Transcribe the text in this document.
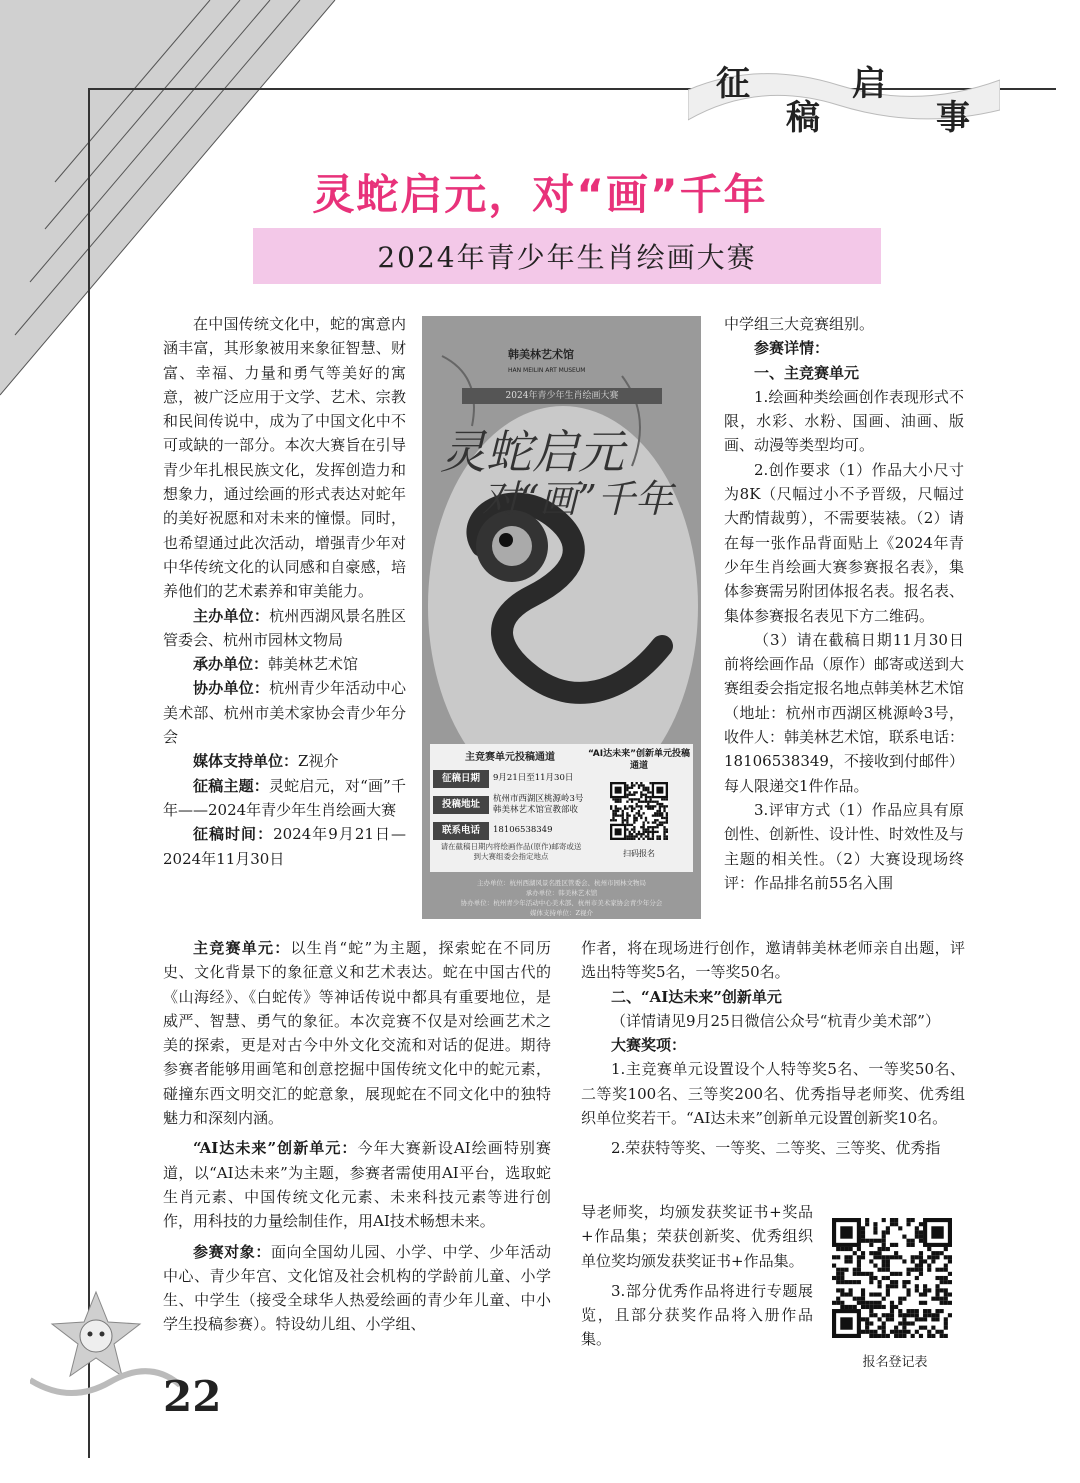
征
稿
启
事
灵蛇启元，对“画”千年
2024年青少年生肖绘画大赛

在中国传统文化中，蛇的寓意内涵丰富，其形象被用来象征智慧、财富、幸福、力量和勇气等美好的寓意，被广泛应用于文学、艺术、宗教和民间传说中，成为了中国文化中不可或缺的一部分。本次大赛旨在引导青少年扎根民族文化，发挥创造力和想象力，通过绘画的形式表达对蛇年的美好祝愿和对未来的憧憬。同时，也希望通过此次活动，增强青少年对中华传统文化的认同感和自豪感，培养他们的艺术素养和审美能力。

主办单位：杭州西湖风景名胜区管委会、杭州市园林文物局

承办单位：韩美林艺术馆

协办单位：杭州青少年活动中心美术部、杭州市美术家协会青少年分会

媒体支持单位：Z视介

征稿主题：灵蛇启元，对“画”千年——2024年青少年生肖绘画大赛

征稿时间：2024年9月21日—2024年11月30日

韩美林艺术馆
HAN MEILIN ART MUSEUM
2024年青少年生肖绘画大赛
灵蛇启元
对“画”千年
主竞赛单元投稿通道
征稿日期	9月21日至11月30日
投稿地址	杭州市西湖区桃源岭3号 韩美林艺术馆宣教部收
联系电话	18106538349
请在截稿日期内将绘画作品(原作)邮寄或送到大赛组委会指定地点
“AI达未来”创新单元投稿通道
扫码报名
主办单位：杭州西湖风景名胜区管委会、杭州市园林文物局
承办单位：韩美林艺术馆
协办单位：杭州青少年活动中心美术部、杭州市美术家协会青少年分会
媒体支持单位：Z视介

主竞赛单元：以生肖“蛇”为主题，探索蛇在不同历史、文化背景下的象征意义和艺术表达。蛇在中国古代的《山海经》、《白蛇传》等神话传说中都具有重要地位，是威严、智慧、勇气的象征。本次竞赛不仅是对绘画艺术之美的探索，更是对古今中外文化交流和对话的促进。期待参赛者能够用画笔和创意挖掘中国传统文化中的蛇元素，碰撞东西文明交汇的蛇意象，展现蛇在不同文化中的独特魅力和深刻内涵。

“AI达未来”创新单元：今年大赛新设AI绘画特别赛道，以“AI达未来”为主题，参赛者需使用AI平台，选取蛇生肖元素、中国传统文化元素、未来科技元素等进行创作，用科技的力量绘制佳作，用AI技术畅想未来。

参赛对象：面向全国幼儿园、小学、中学、少年活动中心、青少年宫、文化馆及社会机构的学龄前儿童、小学生、中学生（接受全球华人热爱绘画的青少年儿童、中小学生投稿参赛）。特设幼儿组、小学组、

中学组三大竞赛组别。

参赛详情：

一、主竞赛单元

1.绘画种类绘画创作表现形式不限，水彩、水粉、国画、油画、版画、动漫等类型均可。

2.创作要求（1）作品大小尺寸为8K（尺幅过小不予晋级，尺幅过大酌情裁剪），不需要装裱。（2）请在每一张作品背面贴上《2024年青少年生肖绘画大赛参赛报名表》，集体参赛需另附团体报名表。报名表、集体参赛报名表见下方二维码。

（3）请在截稿日期11月30日前将绘画作品（原作）邮寄或送到大赛组委会指定报名地点韩美林艺术馆（地址：杭州市西湖区桃源岭3号，收件人：韩美林艺术馆，联系电话：18106538349，不接收到付邮件）每人限递交1件作品。

3.评审方式（1）作品应具有原创性、创新性、设计性、时效性及与主题的相关性。（2）大赛设现场终评：作品排名前55名入围

作者，将在现场进行创作，邀请韩美林老师亲自出题，评选出特等奖5名，一等奖50名。

二、“AI达未来”创新单元

（详情请见9月25日微信公众号“杭青少美术部”）

大赛奖项：

1.主竞赛单元设置设个人特等奖5名、一等奖50名、二等奖100名、三等奖200名、优秀指导老师奖、优秀组织单位奖若干。“AI达未来”创新单元设置创新奖10名。

2.荣获特等奖、一等奖、二等奖、三等奖、优秀指

导老师奖，均颁发获奖证书+奖品+作品集；荣获创新奖、优秀组织单位奖均颁发获奖证书+作品集。

3.部分优秀作品将进行专题展览，且部分获奖作品将入册作品集。

报名登记表
22
